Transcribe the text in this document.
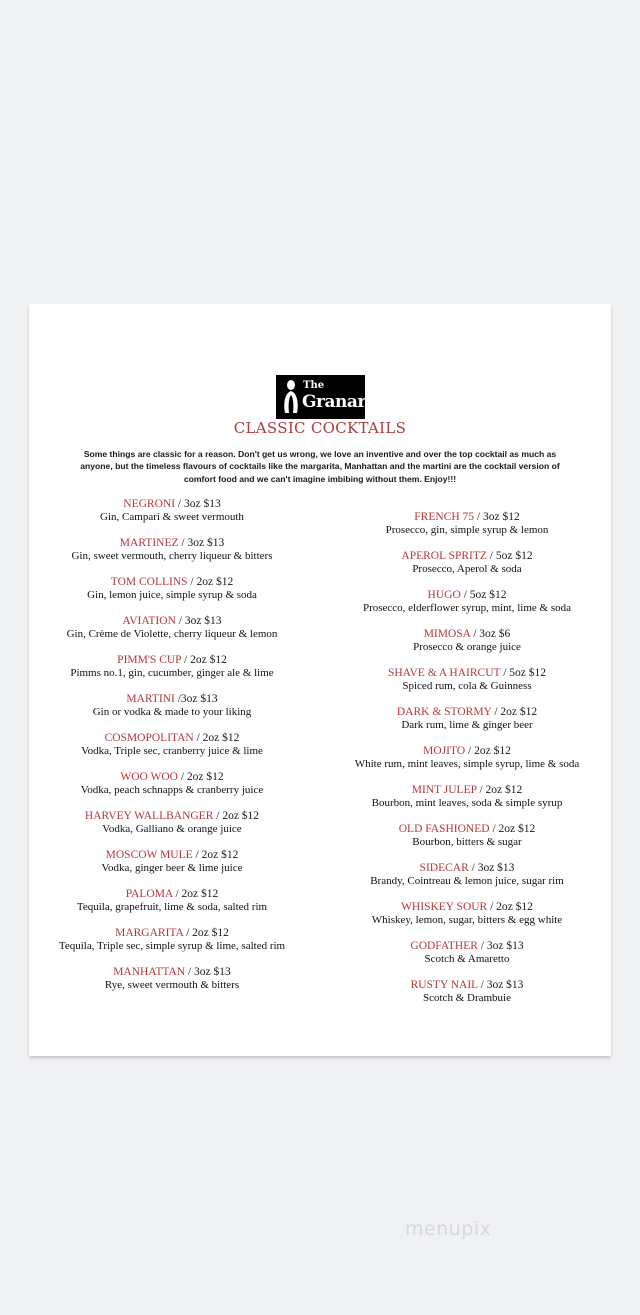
The
Granary
CLASSIC COCKTAILS
Some things are classic for a reason. Don't get us wrong, we love an inventive and over the top cocktail as much as anyone, but the timeless flavours of cocktails like the margarita, Manhattan and the martini are the cocktail version of comfort food and we can't imagine imbibing without them. Enjoy!!!
NEGRONI / 3oz $13
Gin, Campari & sweet vermouth
MARTINEZ / 3oz $13
Gin, sweet vermouth, cherry liqueur & bitters
TOM COLLINS / 2oz $12
Gin, lemon juice, simple syrup & soda
AVIATION / 3oz $13
Gin, Crème de Violette, cherry liqueur & lemon
PIMM'S CUP / 2oz $12
Pimms no.1, gin, cucumber, ginger ale & lime
MARTINI /3oz $13
Gin or vodka & made to your liking
COSMOPOLITAN / 2oz $12
Vodka, Triple sec, cranberry juice & lime
WOO WOO / 2oz $12
Vodka, peach schnapps & cranberry juice
HARVEY WALLBANGER / 2oz $12
Vodka, Galliano & orange juice
MOSCOW MULE / 2oz $12
Vodka, ginger beer & lime juice
PALOMA / 2oz $12
Tequila, grapefruit, lime & soda, salted rim
MARGARITA / 2oz $12
Tequila, Triple sec, simple syrup & lime, salted rim
MANHATTAN / 3oz $13
Rye, sweet vermouth & bitters
FRENCH 75 / 3oz $12
Prosecco, gin, simple syrup & lemon
APEROL SPRITZ / 5oz $12
Prosecco, Aperol & soda
HUGO / 5oz $12
Prosecco, elderflower syrup, mint, lime & soda
MIMOSA / 3oz $6
Prosecco & orange juice
SHAVE & A HAIRCUT / 5oz $12
Spiced rum, cola & Guinness
DARK & STORMY / 2oz $12
Dark rum, lime & ginger beer
MOJITO / 2oz $12
White rum, mint leaves, simple syrup, lime & soda
MINT JULEP / 2oz $12
Bourbon, mint leaves, soda & simple syrup
OLD FASHIONED / 2oz $12
Bourbon, bitters & sugar
SIDECAR / 3oz $13
Brandy, Cointreau & lemon juice, sugar rim
WHISKEY SOUR / 2oz $12
Whiskey, lemon, sugar, bitters & egg white
GODFATHER / 3oz $13
Scotch & Amaretto
RUSTY NAIL / 3oz $13
Scotch & Drambuie
menupix
